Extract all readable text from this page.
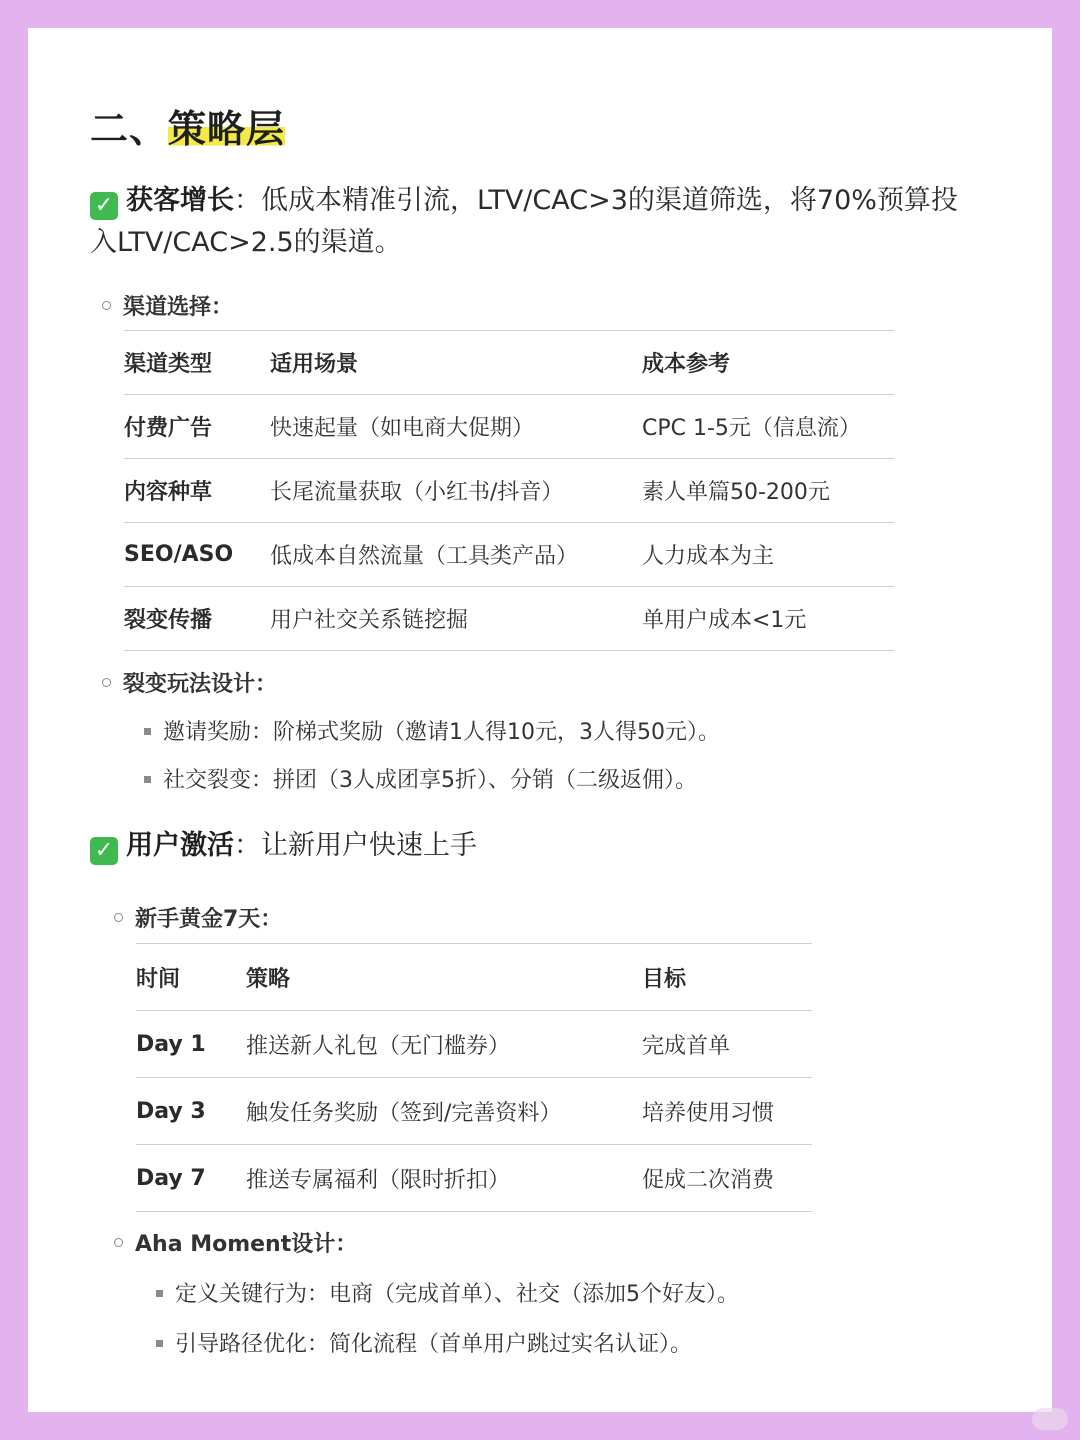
二、策略层
✓ 获客增长：低成本精准引流，LTV/CAC>3的渠道筛选，将70%预算投入LTV/CAC>2.5的渠道。
渠道选择：
渠道类型	适用场景	成本参考
付费广告	快速起量（如电商大促期）	CPC 1-5元（信息流）
内容种草	长尾流量获取（小红书/抖音）	素人单篇50-200元
SEO/ASO	低成本自然流量（工具类产品）	人力成本为主
裂变传播	用户社交关系链挖掘	单用户成本<1元
裂变玩法设计：
邀请奖励：阶梯式奖励（邀请1人得10元，3人得50元）。
社交裂变：拼团（3人成团享5折）、分销（二级返佣）。
✓ 用户激活：让新用户快速上手
新手黄金7天：
时间	策略	目标
Day 1	推送新人礼包（无门槛券）	完成首单
Day 3	触发任务奖励（签到/完善资料）	培养使用习惯
Day 7	推送专属福利（限时折扣）	促成二次消费
Aha Moment设计：
定义关键行为：电商（完成首单）、社交（添加5个好友）。
引导路径优化：简化流程（首单用户跳过实名认证）。
